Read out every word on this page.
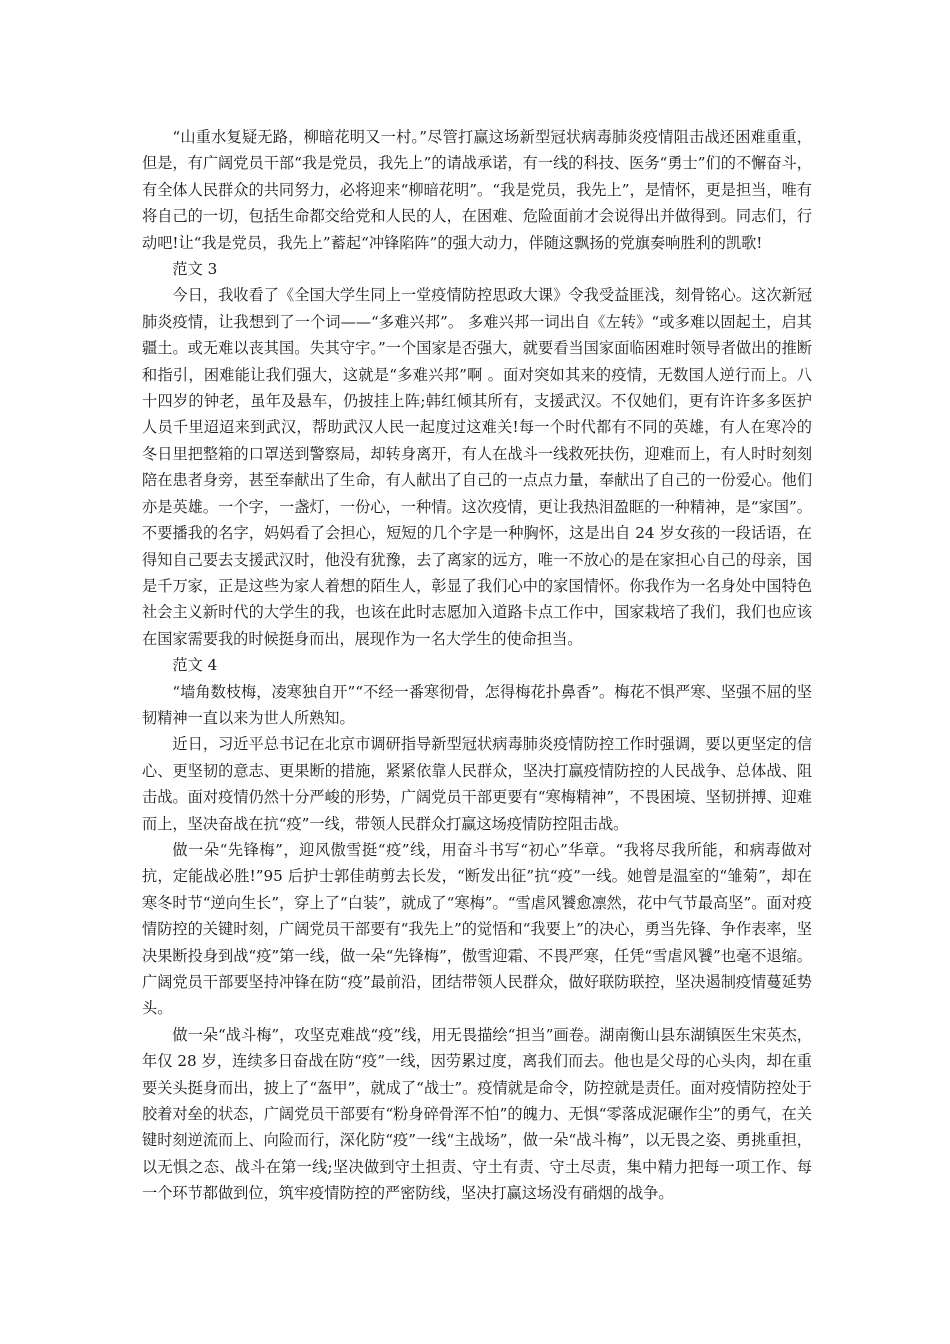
“山重水复疑无路，柳暗花明又一村。”尽管打赢这场新型冠状病毒肺炎疫情阻击战还困难重重，但是，有广阔党员干部“我是党员，我先上”的请战承诺，有一线的科技、医务“勇士”们的不懈奋斗，有全体人民群众的共同努力，必将迎来“柳暗花明”。“我是党员，我先上”，是情怀，更是担当，唯有将自己的一切，包括生命都交给党和人民的人，在困难、危险面前才会说得出并做得到。同志们，行动吧!让“我是党员，我先上”蓄起“冲锋陷阵”的强大动力，伴随这飘扬的党旗奏响胜利的凯歌!

范文 3

今日，我收看了《全国大学生同上一堂疫情防控思政大课》令我受益匪浅，刻骨铭心。这次新冠肺炎疫情，让我想到了一个词——“多难兴邦”。 多难兴邦一词出自《左转》“或多难以固起土，启其疆土。或无难以丧其国。失其守宇。”一个国家是否强大，就要看当国家面临困难时领导者做出的推断和指引，困难能让我们强大，这就是“多难兴邦”啊 。面对突如其来的疫情，无数国人逆行而上。八十四岁的钟老，虽年及悬车，仍披挂上阵;韩红倾其所有，支援武汉。不仅她们，更有许许多多医护人员千里迢迢来到武汉，帮助武汉人民一起度过这难关!每一个时代都有不同的英雄，有人在寒冷的冬日里把整箱的口罩送到警察局，却转身离开，有人在战斗一线救死扶伤，迎难而上，有人时时刻刻陪在患者身旁，甚至奉献出了生命，有人献出了自己的一点点力量，奉献出了自己的一份爱心。他们亦是英雄。一个字，一盏灯，一份心，一种情。这次疫情，更让我热泪盈眶的一种精神，是“家国”。不要播我的名字，妈妈看了会担心，短短的几个字是一种胸怀，这是出自 24 岁女孩的一段话语，在得知自己要去支援武汉时，他没有犹豫，去了离家的远方，唯一不放心的是在家担心自己的母亲，国是千万家，正是这些为家人着想的陌生人，彰显了我们心中的家国情怀。你我作为一名身处中国特色社会主义新时代的大学生的我，也该在此时志愿加入道路卡点工作中，国家栽培了我们，我们也应该在国家需要我的时候挺身而出，展现作为一名大学生的使命担当。

范文 4

“墙角数枝梅，凌寒独自开”“不经一番寒彻骨，怎得梅花扑鼻香”。梅花不惧严寒、坚强不屈的坚韧精神一直以来为世人所熟知。

近日，习近平总书记在北京市调研指导新型冠状病毒肺炎疫情防控工作时强调，要以更坚定的信心、更坚韧的意志、更果断的措施，紧紧依靠人民群众，坚决打赢疫情防控的人民战争、总体战、阻击战。面对疫情仍然十分严峻的形势，广阔党员干部更要有“寒梅精神”，不畏困境、坚韧拼搏、迎难而上，坚决奋战在抗“疫”一线，带领人民群众打赢这场疫情防控阻击战。

做一朵“先锋梅”，迎风傲雪挺“疫”线，用奋斗书写“初心”华章。“我将尽我所能，和病毒做对抗，定能战必胜!”95 后护士郭佳萌剪去长发，“断发出征”抗“疫”一线。她曾是温室的“雏菊”，却在寒冬时节“逆向生长”，穿上了“白装”，就成了“寒梅”。“雪虐风饕愈凛然，花中气节最高坚”。面对疫情防控的关键时刻，广阔党员干部要有“我先上”的觉悟和“我要上”的决心，勇当先锋、争作表率，坚决果断投身到战“疫”第一线，做一朵“先锋梅”，傲雪迎霜、不畏严寒，任凭“雪虐风饕”也毫不退缩。广阔党员干部要坚持冲锋在防“疫”最前沿，团结带领人民群众，做好联防联控，坚决遏制疫情蔓延势头。

做一朵“战斗梅”，攻坚克难战“疫”线，用无畏描绘“担当”画卷。湖南衡山县东湖镇医生宋英杰，年仅 28 岁，连续多日奋战在防“疫”一线，因劳累过度，离我们而去。他也是父母的心头肉，却在重要关头挺身而出，披上了“盔甲”，就成了“战士”。疫情就是命令，防控就是责任。面对疫情防控处于胶着对垒的状态，广阔党员干部要有“粉身碎骨浑不怕”的魄力、无惧“零落成泥碾作尘”的勇气，在关键时刻逆流而上、向险而行，深化防“疫”一线“主战场”，做一朵“战斗梅”，以无畏之姿、勇挑重担，以无惧之态、战斗在第一线;坚决做到守土担责、守土有责、守土尽责，集中精力把每一项工作、每一个环节都做到位，筑牢疫情防控的严密防线，坚决打赢这场没有硝烟的战争。
